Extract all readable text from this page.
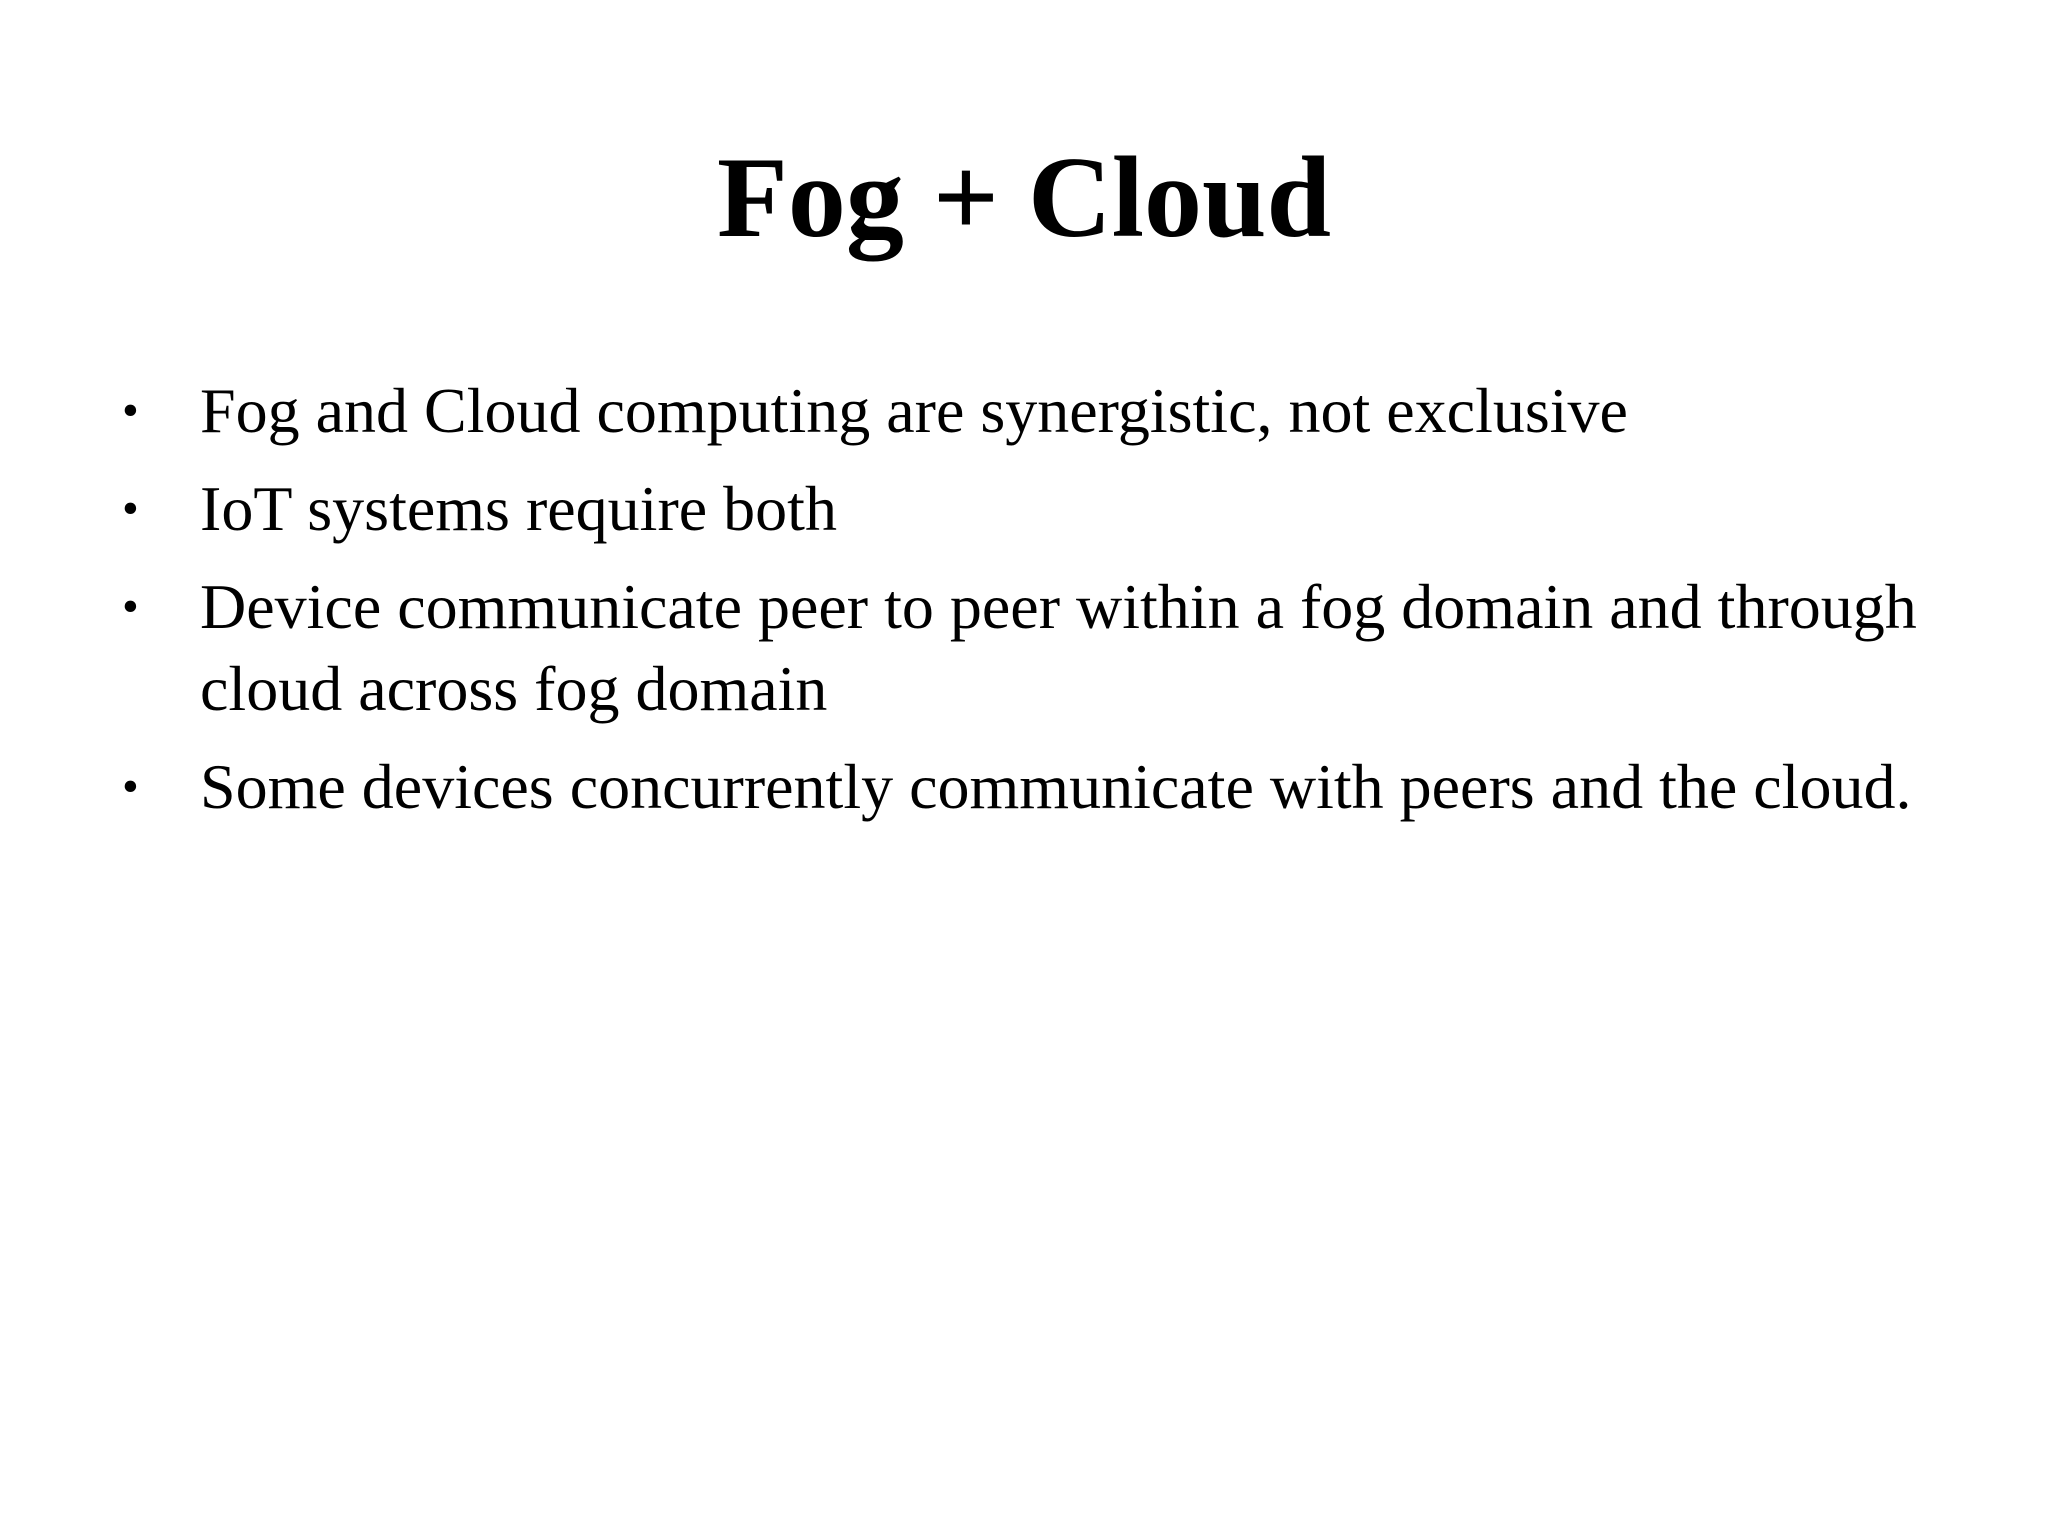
Fog + Cloud
• Fog and Cloud computing are synergistic, not exclusive
• IoT systems require both
• Device communicate peer to peer within a fog domain and through cloud across fog domain
• Some devices concurrently communicate with peers and the cloud.
